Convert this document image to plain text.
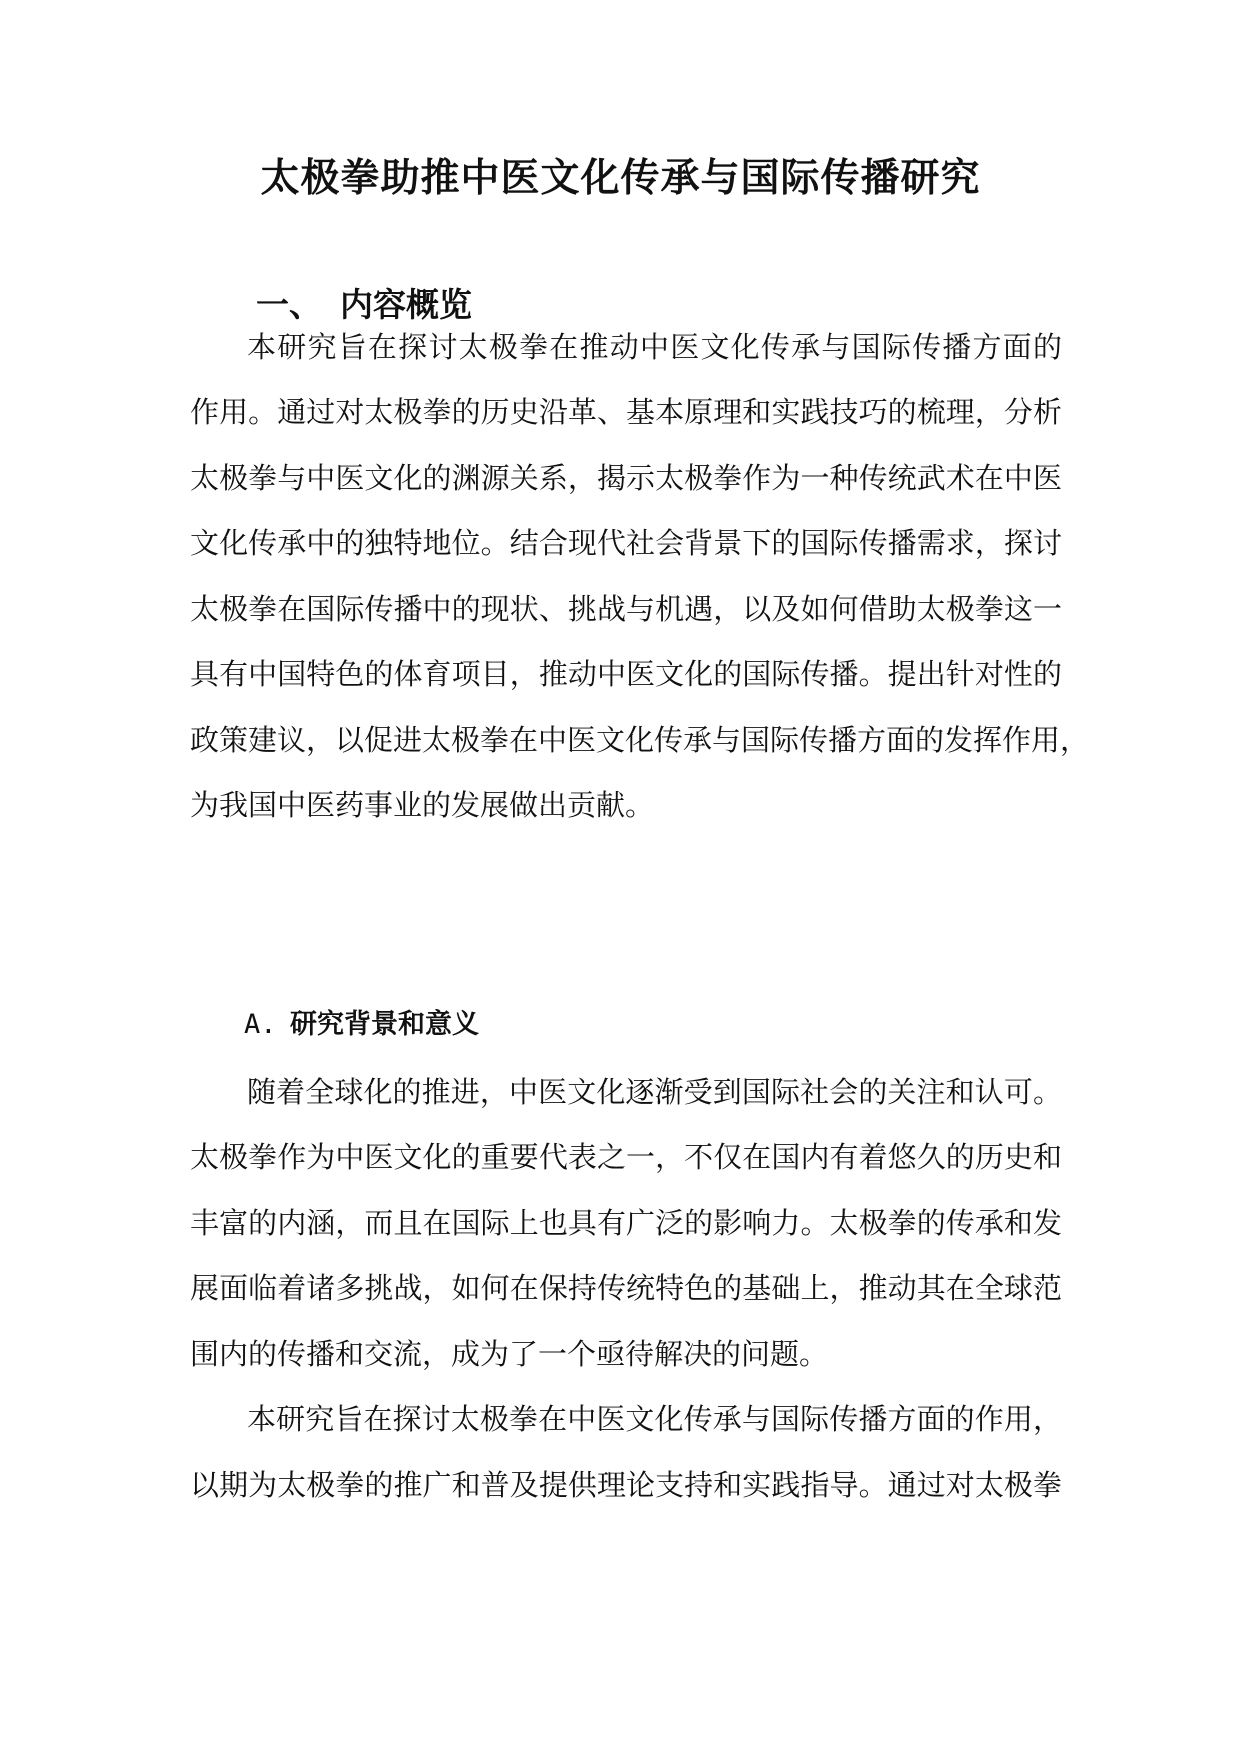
太极拳助推中医文化传承与国际传播研究
一、 内容概览

本研究旨在探讨太极拳在推动中医文化传承与国际传播方面的

作用。通过对太极拳的历史沿革、基本原理和实践技巧的梳理，分析

太极拳与中医文化的渊源关系，揭示太极拳作为一种传统武术在中医

文化传承中的独特地位。结合现代社会背景下的国际传播需求，探讨

太极拳在国际传播中的现状、挑战与机遇，以及如何借助太极拳这一

具有中国特色的体育项目，推动中医文化的国际传播。提出针对性的

政策建议，以促进太极拳在中医文化传承与国际传播方面的发挥作用，

为我国中医药事业的发展做出贡献。

A. 研究背景和意义

随着全球化的推进，中医文化逐渐受到国际社会的关注和认可。

太极拳作为中医文化的重要代表之一，不仅在国内有着悠久的历史和

丰富的内涵，而且在国际上也具有广泛的影响力。太极拳的传承和发

展面临着诸多挑战，如何在保持传统特色的基础上，推动其在全球范

围内的传播和交流，成为了一个亟待解决的问题。

本研究旨在探讨太极拳在中医文化传承与国际传播方面的作用，

以期为太极拳的推广和普及提供理论支持和实践指导。通过对太极拳
